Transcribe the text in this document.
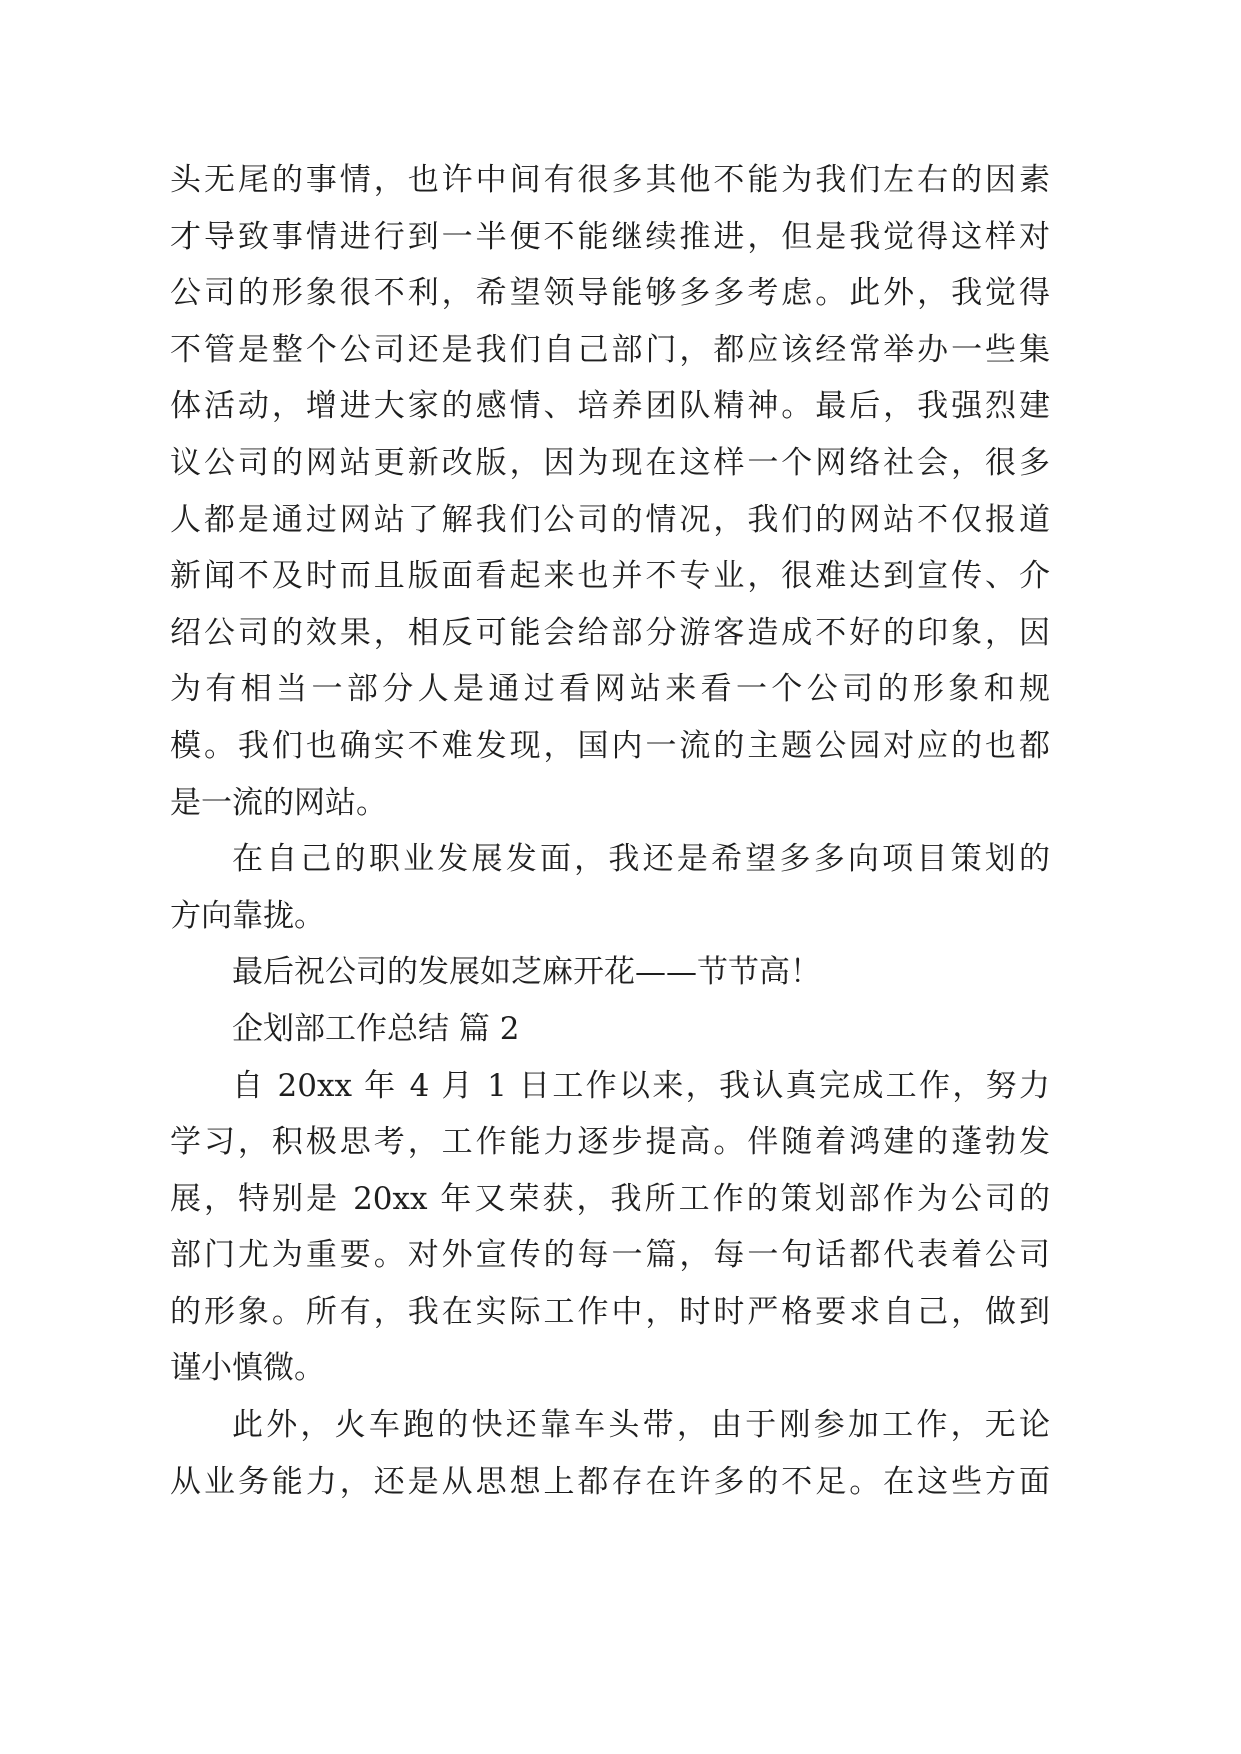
头无尾的事情，也许中间有很多其他不能为我们左右的因素
才导致事情进行到一半便不能继续推进，但是我觉得这样对
公司的形象很不利，希望领导能够多多考虑。此外，我觉得
不管是整个公司还是我们自己部门，都应该经常举办一些集
体活动，增进大家的感情、培养团队精神。最后，我强烈建
议公司的网站更新改版，因为现在这样一个网络社会，很多
人都是通过网站了解我们公司的情况，我们的网站不仅报道
新闻不及时而且版面看起来也并不专业，很难达到宣传、介
绍公司的效果，相反可能会给部分游客造成不好的印象，因
为有相当一部分人是通过看网站来看一个公司的形象和规
模。我们也确实不难发现，国内一流的主题公园对应的也都
是一流的网站。
在自己的职业发展发面，我还是希望多多向项目策划的
方向靠拢。
最后祝公司的发展如芝麻开花——节节高！
企划部工作总结 篇 2
自 20xx 年 4 月 1 日工作以来，我认真完成工作，努力
学习，积极思考，工作能力逐步提高。伴随着鸿建的蓬勃发
展，特别是 20xx 年又荣获，我所工作的策划部作为公司的
部门尤为重要。对外宣传的每一篇，每一句话都代表着公司
的形象。所有，我在实际工作中，时时严格要求自己，做到
谨小慎微。
此外，火车跑的快还靠车头带，由于刚参加工作，无论
从业务能力，还是从思想上都存在许多的不足。在这些方面
